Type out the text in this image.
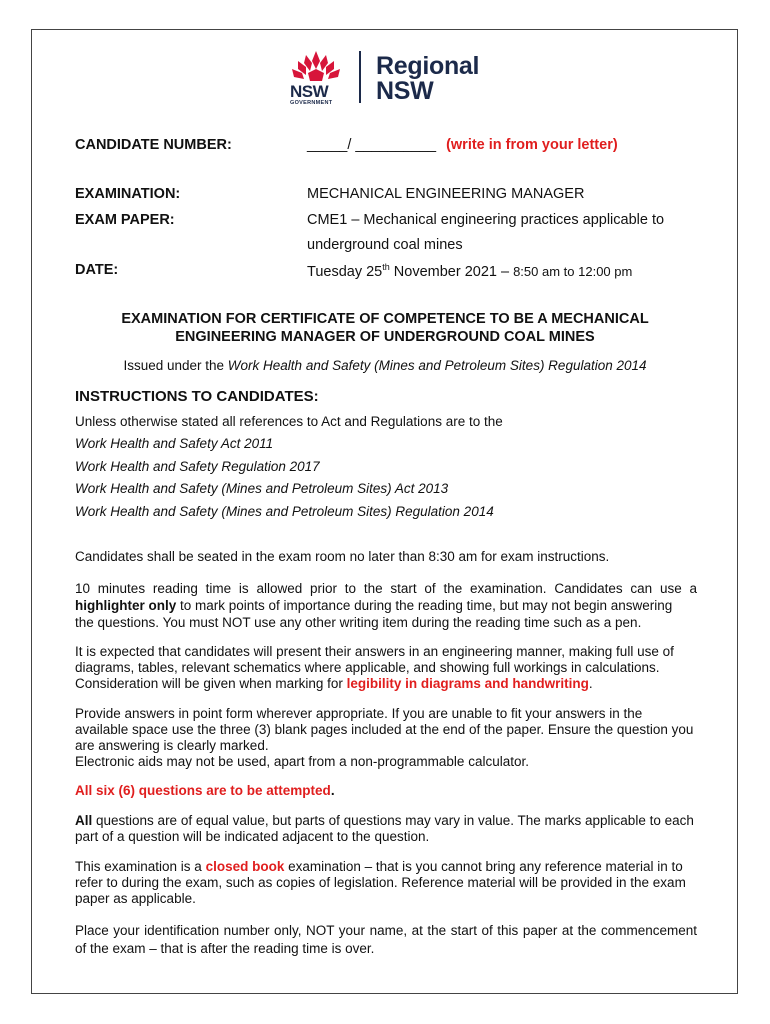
NSW
GOVERNMENT
Regional
NSW
CANDIDATE NUMBER:	_____/ __________ (write in from your letter)
EXAMINATION:	MECHANICAL ENGINEERING MANAGER
EXAM PAPER:	CME1 – Mechanical engineering practices applicable to
underground coal mines
DATE:	Tuesday 25th November 2021 – 8:50 am to 12:00 pm
EXAMINATION FOR CERTIFICATE OF COMPETENCE TO BE A MECHANICAL
ENGINEERING MANAGER OF UNDERGROUND COAL MINES
Issued under the Work Health and Safety (Mines and Petroleum Sites) Regulation 2014
INSTRUCTIONS TO CANDIDATES:
Unless otherwise stated all references to Act and Regulations are to the
Work Health and Safety Act 2011
Work Health and Safety Regulation 2017
Work Health and Safety (Mines and Petroleum Sites) Act 2013
Work Health and Safety (Mines and Petroleum Sites) Regulation 2014
Candidates shall be seated in the exam room no later than 8:30 am for exam instructions.
10 minutes reading time is allowed prior to the start of the examination. Candidates can use a
highlighter only to mark points of importance during the reading time, but may not begin answering
the questions. You must NOT use any other writing item during the reading time such as a pen.
It is expected that candidates will present their answers in an engineering manner, making full use of diagrams, tables, relevant schematics where applicable, and showing full workings in calculations. Consideration will be given when marking for legibility in diagrams and handwriting.
Provide answers in point form wherever appropriate. If you are unable to fit your answers in the available space use the three (3) blank pages included at the end of the paper. Ensure the question you are answering is clearly marked.
Electronic aids may not be used, apart from a non-programmable calculator.
All six (6) questions are to be attempted.
All questions are of equal value, but parts of questions may vary in value. The marks applicable to each part of a question will be indicated adjacent to the question.
This examination is a closed book examination – that is you cannot bring any reference material in to refer to during the exam, such as copies of legislation. Reference material will be provided in the exam paper as applicable.
Place your identification number only, NOT your name, at the start of this paper at the commencement of the exam – that is after the reading time is over.
